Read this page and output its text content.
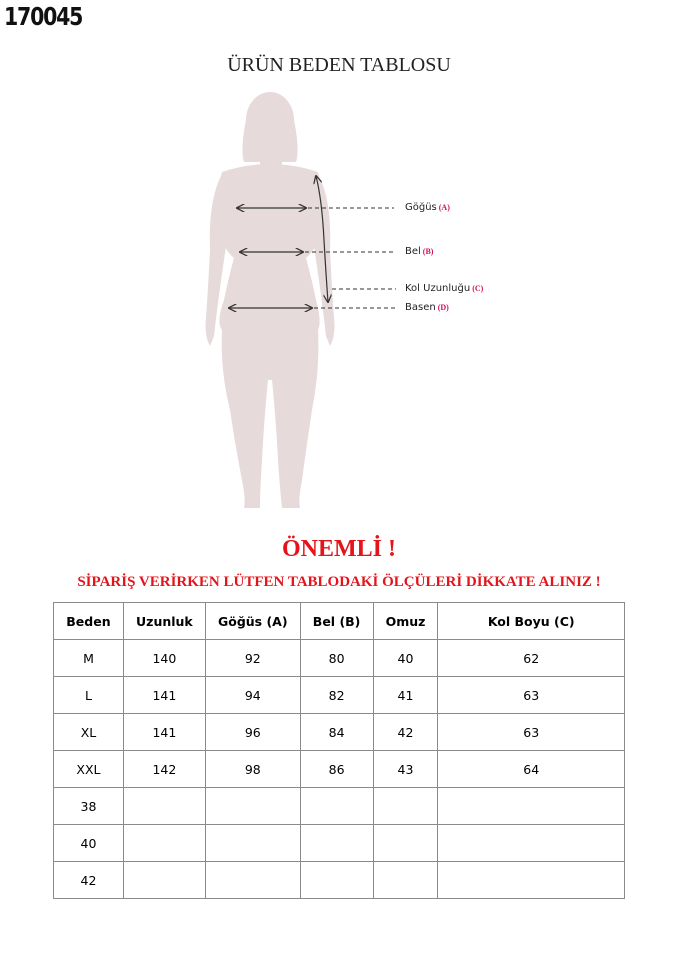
170045
ÜRÜN BEDEN TABLOSU
Göğüs (A)
Bel (B)
Kol Uzunluğu (C)
Basen (D)
ÖNEMLİ !
SİPARİŞ VERİRKEN LÜTFEN TABLODAKİ ÖLÇÜLERİ DİKKATE ALINIZ !
Beden	Uzunluk	Göğüs (A)	Bel (B)	Omuz	Kol Boyu (C)
M	140	92	80	40	62
L	141	94	82	41	63
XL	141	96	84	42	63
XXL	142	98	86	43	64
38					
40					
42					
